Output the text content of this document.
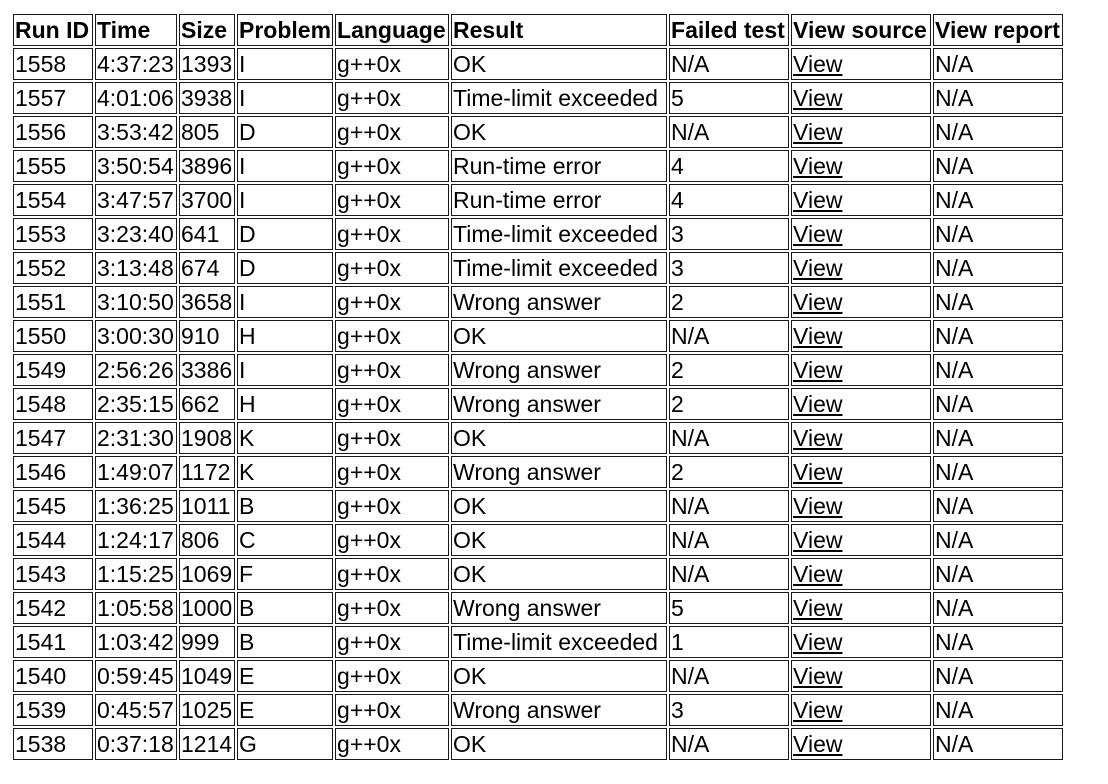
Run ID	Time	Size	Problem	Language	Result	Failed test	View source	View report
1558	4:37:23	1393	I	g++0x	OK	N/A	View	N/A
1557	4:01:06	3938	I	g++0x	Time-limit exceeded	5	View	N/A
1556	3:53:42	805	D	g++0x	OK	N/A	View	N/A
1555	3:50:54	3896	I	g++0x	Run-time error	4	View	N/A
1554	3:47:57	3700	I	g++0x	Run-time error	4	View	N/A
1553	3:23:40	641	D	g++0x	Time-limit exceeded	3	View	N/A
1552	3:13:48	674	D	g++0x	Time-limit exceeded	3	View	N/A
1551	3:10:50	3658	I	g++0x	Wrong answer	2	View	N/A
1550	3:00:30	910	H	g++0x	OK	N/A	View	N/A
1549	2:56:26	3386	I	g++0x	Wrong answer	2	View	N/A
1548	2:35:15	662	H	g++0x	Wrong answer	2	View	N/A
1547	2:31:30	1908	K	g++0x	OK	N/A	View	N/A
1546	1:49:07	1172	K	g++0x	Wrong answer	2	View	N/A
1545	1:36:25	1011	B	g++0x	OK	N/A	View	N/A
1544	1:24:17	806	C	g++0x	OK	N/A	View	N/A
1543	1:15:25	1069	F	g++0x	OK	N/A	View	N/A
1542	1:05:58	1000	B	g++0x	Wrong answer	5	View	N/A
1541	1:03:42	999	B	g++0x	Time-limit exceeded	1	View	N/A
1540	0:59:45	1049	E	g++0x	OK	N/A	View	N/A
1539	0:45:57	1025	E	g++0x	Wrong answer	3	View	N/A
1538	0:37:18	1214	G	g++0x	OK	N/A	View	N/A
